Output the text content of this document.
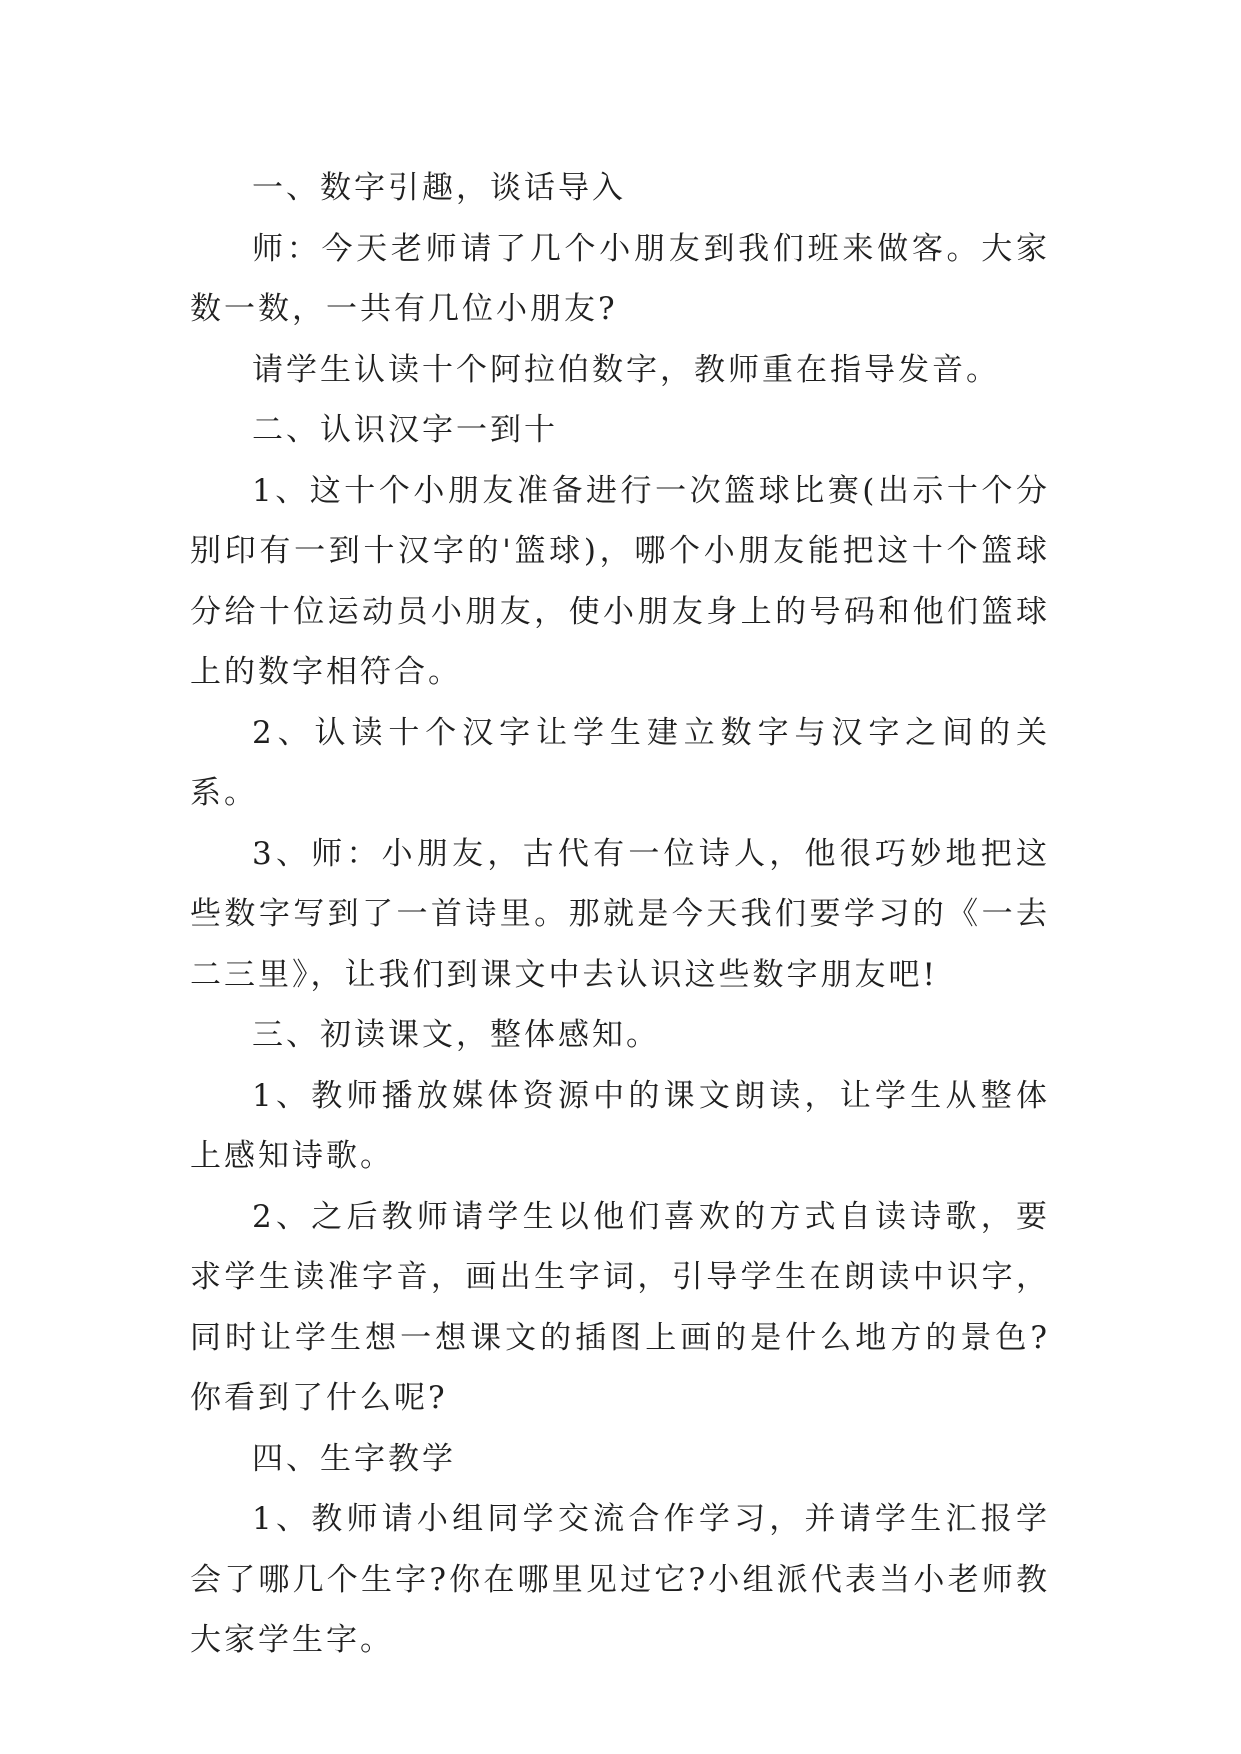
一、数字引趣，谈话导入

师：今天老师请了几个小朋友到我们班来做客。大家数一数，一共有几位小朋友?

请学生认读十个阿拉伯数字，教师重在指导发音。

二、认识汉字一到十

1、这十个小朋友准备进行一次篮球比赛(出示十个分别印有一到十汉字的'篮球)，哪个小朋友能把这十个篮球分给十位运动员小朋友，使小朋友身上的号码和他们篮球上的数字相符合。

2、认读十个汉字让学生建立数字与汉字之间的关系。

3、师：小朋友，古代有一位诗人，他很巧妙地把这些数字写到了一首诗里。那就是今天我们要学习的《一去二三里》，让我们到课文中去认识这些数字朋友吧!

三、初读课文，整体感知。

1、教师播放媒体资源中的课文朗读，让学生从整体上感知诗歌。

2、之后教师请学生以他们喜欢的方式自读诗歌，要求学生读准字音，画出生字词，引导学生在朗读中识字，同时让学生想一想课文的插图上画的是什么地方的景色?你看到了什么呢?

四、生字教学

1、教师请小组同学交流合作学习，并请学生汇报学会了哪几个生字?你在哪里见过它?小组派代表当小老师教大家学生字。
